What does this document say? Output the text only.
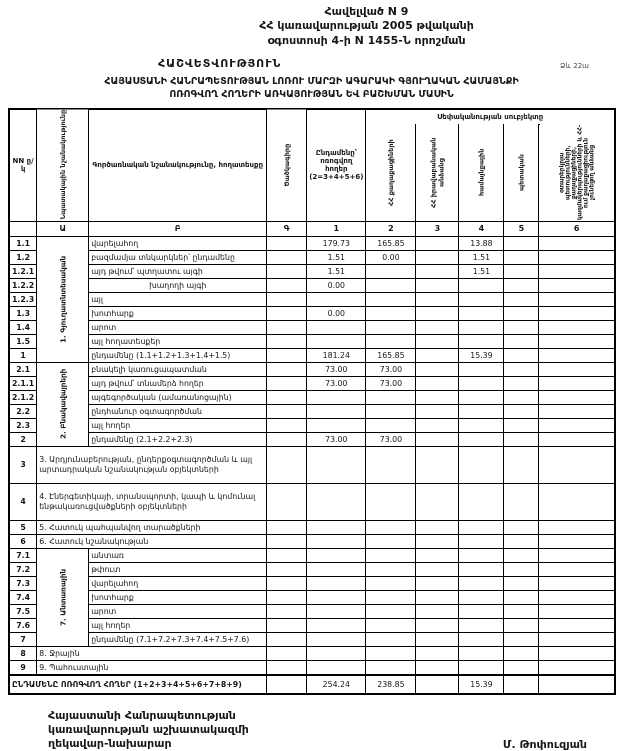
Հավելված N 9
ՀՀ կառավարության 2005 թվականի
օգոստոսի 4-ի N 1455-Ն որոշման
ՀԱՇՎԵՏՎՈՒԹՅՈՒՆ	Ձև 22ա
ՀԱՅԱՍՏԱՆԻ ՀԱՆՐԱՊԵՏՈՒԹՅԱՆ ԼՈՌՈՒ ՄԱՐԶԻ ԱԳԱՐԱԿԻ ԳՅՈՒՂԱԿԱՆ ՀԱՄԱՅՆՔԻ
ՈՌՈԳՎՈՂ ՀՈՂԵՐԻ ԱՌԿԱՅՈՒԹՅԱՆ ԵՎ ԲԱՇԽՄԱՆ ՄԱՍԻՆ
NN ը/կ	Նպատակային նշանակությունը	Գործառնական նշանակությունը, հողատեսքը	Ծածկագիրը	Ընդամենը՝ ոռոգվող հողեր (2=3+4+5+6)	Սեփականության սուբյեկտը				
					ՀՀ քաղաքացիների	ՀՀ իրավաբանական անձանց	համայնքային	պետական	օտարերկրյա պետությունների, քաղաքացիների, կազմակերպությունների և ՀՀ-ում քաղաքացիություն չունեցող անձանց
	Ա	Բ	Գ	1	2	3	4	5	6
1.1	1. Գյուղատնտեսական	վարելահող		179.73	165.85		13.88		
1.2		բազմամյա տնկարկներ՝ ընդամենը		1.51	0.00		1.51		
1.2.1		այդ թվում՝ պտղատու այգի		1.51			1.51		
1.2.2		խաղողի այգի		0.00					
1.2.3		այլ							
1.3		խոտհարք		0.00					
1.4		արոտ							
1.5		այլ հողատեսքեր							
1		ընդամենը (1.1+1.2+1.3+1.4+1.5)		181.24	165.85		15.39		
2.1	2. Բնակավայրերի	բնակելի կառուցապատման		73.00	73.00				
2.1.1		այդ թվում՝ տնամերձ հողեր		73.00	73.00				
2.1.2		այգեգործական (ամառանոցային)							
2.2		ընդհանուր օգտագործման							
2.3		այլ հողեր							
2		ընդամենը (2.1+2.2+2.3)		73.00	73.00				
3	3. Արդյունաբերության, ընդերքօգտագործման և այլ արտադրական նշանակության օբյեկտների								
4	4. Էներգետիկայի, տրանսպորտի, կապի և կոմունալ ենթակառուցվածքների օբյեկտների								
5	5. Հատուկ պահպանվող տարածքների								
6	6. Հատուկ նշանակության								
7.1	7. Անտառային	անտառ							
7.2		թփուտ							
7.3		վարելահող							
7.4		խոտհարք							
7.5		արոտ							
7.6		այլ հողեր							
7		ընդամենը (7.1+7.2+7.3+7.4+7.5+7.6)							
8	8. Ջրային								
9	9. Պահուստային								
ԸՆԴԱՄԵՆԸ ՈՌՈԳՎՈՂ ՀՈՂԵՐ (1+2+3+4+5+6+7+8+9)				254.24	238.85		15.39		
Հայաստանի Հանրապետության
կառավարության աշխատակազմի
ղեկավար-նախարար	Մ. Թոփուզյան
